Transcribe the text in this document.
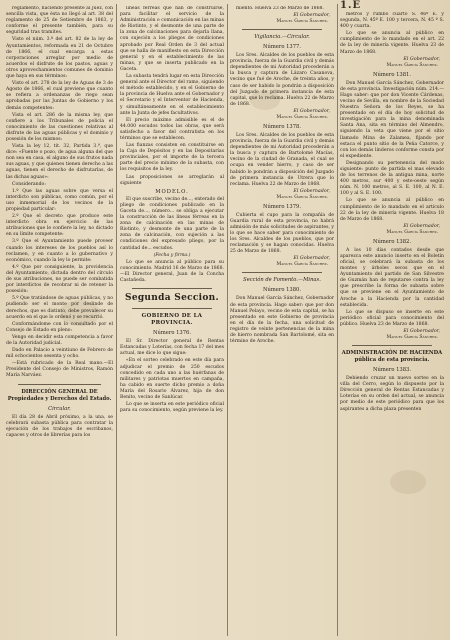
reglamento, haciendo presente al Juez, con sencilla vista, que ésta no llegó al art. 38 del reglamento de 25 de Setiembre de 1863, y conforme el presente también, para su seguridad tras tramites.

Visto el núm. 3.º del art. 82 de la ley de Ayuntamientos, reformada en 21 de Octubre de 1866, el cual encarga a estas corporaciones arreglar por medio de acuerdos el disfrute de los pastos, aguas y otros aprovechamientos comunes de dominio que haya en sus términos:

Visto el art. 278 de la ley de Aguas de 3 de Agosto de 1866, el cual previene que cuanto se refiera a ordenanzas de riego sean aprobadas por las Juntas de Gobierno y los demás competentes:

Vista el art. 286 de la misma ley, que confiere a los Tribunales de policía el conocimiento de las cuestiones relativas al disfrute de las aguas públicas y el dominio y posesión de los mismos:

Vista la ley 12, tit. 32, Partida 3.ª, que dice: «Fuente o pozo, de agua alguna del que non sea en casa, el alguno de sus frutos nada sus aguas, y que quienes tienen derecho a las aguas, tienen el derecho de disfrutarlas, de las dichas aguas»:

Considerando:

1.º Que las aguas sobre que versa el interdicto son públicas, como común, por el uso inmemorial de los vecinos de la propiedad particular:

2.º Que el decreto que produce este interdicto obra en ejercicio de las atribuciones que le confiere la ley, no dictado en su límite competente:

3.º Que el Ayuntamiento puede proveer cuando los intereses de los pueblos así lo reclamen, y en cuanto a lo gubernativo y económico, cuando la ley lo permite:

4.º Que por consiguiente, la providencia del Ayuntamiento, dictada dentro del círculo de sus atribuciones, no puede ser combatida por interdictos de recobrar ni de retener la posesión:

5.º Que tratándose de aguas públicas, y no pudiendo ser el monte por deslinde de derechos, que es distinto, debe prevalecer su acuerdo en el que lo ordenó y se recurrió.

Conformándome con lo consultado por el Consejo de Estado en pleno:

Vengo en decidir esta competencia a favor de la Autoridad judicial.

Dado en Palacio a veintiuno de Febrero de mil ochocientos sesenta y ocho.

—Está rubricado de la Real mano.—El Presidente del Consejo de Ministros, Ramón María Narváez.

DIRECCIÓN GENERAL DE Propiedades y Derechos del Estado.
Circular.

El día 28 de Abril próximo, a la una, se celebrará subasta pública para contratar la ejecución de los trabajos de escribanos, capaces y otros de librerías para los

lineas férreas que han de construirse, para facilitar el servicio de la Administración o comunicación en las minas de Riotinto, y el desmonte de una parte de la zona de calcinaciones para dejarla llana, con sujeción a los pliegos de condiciones aprobado por Real Orden de 3 del actual que se halla de manifiesto en esta Dirección general y en el establecimiento de las minas, y que se inserta publicado en la Gaceta.

La subasta tendrá lugar en esta Dirección general ante el Director del ramo, siguiendo el método establecido, y en el Gobierno de la provincia de Huelva ante el Gobernador y el Secretario y el Interventor de Hacienda, y simultáneamente en el establecimiento ante la Junta de jefes facultativos.

El precio máximo admisible es el de 44.000 escudos todos las obras, que será satisfecho a favor del contratista en los términos que se establecen.

Las fianzas consisten en constituirse en la Caja de Depósitos y en las Depositarías provinciales, por el importe de la tercera parte del precio mínimo de la subasta, con los requisitos de la ley.

Las proposiciones se arreglarán al siguiente

MODELO.

El que suscribe, vecino de..., enterado del pliego de condiciones publicado en la Gaceta de..., número... se obliga a ejecutar la construcción de las líneas férreas en la zona de calcinación en las minas de Riotinto, y desmonte de una parte de la zona de calcinación, con sujeción a las condiciones del expresado pliego, por la cantidad de... escudos.

(Fecha y firma.)

Lo que se anuncia al público para su conocimiento. Madrid 16 de Marzo de 1868.—El Director general, Juan de la Concha Castañeda.

Segunda Seccion.
GOBIERNO DE LA PROVINCIA.
Número 1376.

El Sr. Director general de Rentas Estancadas y Loterías, con fecha 17 del mes actual, me dice lo que sigue:

«En el sorteo celebrado en este día para adjudicar el premio de 250 escudos concedido en cada uno a las huérfanas de militares y patriotas muertos en campaña, ha cabido en suerte dicho premio a doña María del Rosario Álvarez, hija de don Benito, vecino de Sanlúcar.

Lo que se inserta en este periódico oficial para su conocimiento, según previene la ley.

miento. Huelva 23 de Marzo de 1868.

El Gobernador,
Manuel García Sánchez.
Vigilancia.—Circular.
Número 1377.

Los Sres. Alcaldes de los pueblos de esta provincia, fuerza de la Guardia civil y demás dependientes de mi Autoridad procederán a la busca y captura de Lázaro Casanova, vecino que fué de Aroche, de treinta años, y caso de ser habido lo pondrán a disposición del Juzgado de primera instancia de esta capital, que lo reclama. Huelva 22 de Marzo de 1868.

El Gobernador,
Manuel García Sánchez.
Número 1378.

Los Sres. Alcaldes de los pueblos de esta provincia, fuerza de la Guardia civil y demás dependientes de mi Autoridad procederán a la busca y captura de Bartolomé Macías, vecino de la ciudad de Granada, el cual se ocupa en vender hierro, y caso de ser habido lo pondrán a disposición del Juzgado de primera instancia de Utrera que lo reclama. Huelva 22 de Marzo de 1868.

El Gobernador,
Manuel García Sánchez.
Número 1379.

Cubierta el cupo para la compañía de Guardia rural de esta provincia, no habrá admisión de más solicitudes de aspirantes, y lo que se hace saber para conocimiento de los Sres. Alcaldes de los pueblos, que por reclamación y se hagan conocidas. Huelva 25 de Marzo de 1868.

El Gobernador,
Manuel García Sánchez.
Sección de Fomento.—Minas.
Número 1380.

Don Manuel García Sánchez, Gobernador de esta provincia. Hago saber: que por don Manuel Pelayo, vecino de esta capital, se ha presentado en este Gobierno de provincia en el día de la fecha, una solicitud de registro de veinte pertenencias de la mina de hierro nombrada San Bartolomé, sita en término de Aroche.

1.E

metros y rumbo cuarto S. 46º E. y segunda, N. 45º E. 100 y tercera, N. 45 º S. 400 y cuarta.

Lo que se anuncia al público en cumplimiento de lo mandado en el art. 22 de la ley de minería vigente. Huelva 23 de Marzo de 1868.

El Gobernador,
Manuel García Sánchez.
Número 1381.

Don Manuel García Sánchez, Gobernador de esta provincia. Investigación núm. 214.—Hago saber: que por don Vicente Cárdenas, vecino de Sevilla, en nombre de la Sociedad Nuestra Señora de los Reyes, se ha presentado en el día de hoy solicitud de investigación para la mina denominada Santa Ana, sita en término del Almendro, siguiendo la veta que viene por el sitio llamado Mina de Zalamea, fijando por estaca el punto sitio de la Peña Catorce, y con los demás linderos conforme consta por el expediente.

Designando su pertenencia del modo siguiente: punto de partida el mas elevado de los terrenos de la antigua mina, norte 400 metros, sur 400 y este-oeste según núm. N. 100 metros, al S. E. 100, al N. E. 100 y al S. E. 100.

Lo que se anuncia al público en cumplimiento de lo mandado en el artículo 22 de la ley de minería vigente. Huelva 18 de Marzo de 1868.

El Gobernador,
Manuel García Sánchez.
Número 1382.

A los 10 días contados desde que aparezca este anuncio inserto en el Boletín oficial, se celebrará la subasta de los montes y árboles secos que en el Ayuntamiento del partido de San Silvestre de Guzmán han de reputarse contra la ley que prescribe la forma de subasta sobre que se previene en el Ayuntamiento de Aroche a la Hacienda por la cantidad establecida.

Lo que se dispuso se inserte en este periódico oficial para conocimiento del público. Huelva 23 de Marzo de 1868.

El Gobernador,
Manuel García Sánchez.
ADMINISTRACIÓN DE HACIENDA pública de esta provincia.
Número 1383.

Debiendo cruzar un nuevo sorteo en la villa del Cerro, según lo dispuesto por la Dirección general de Rentas Estancadas y Loterías en su orden del actual, se anuncia por medio de este periódico para que los aspirantes a dicha plaza presenten
